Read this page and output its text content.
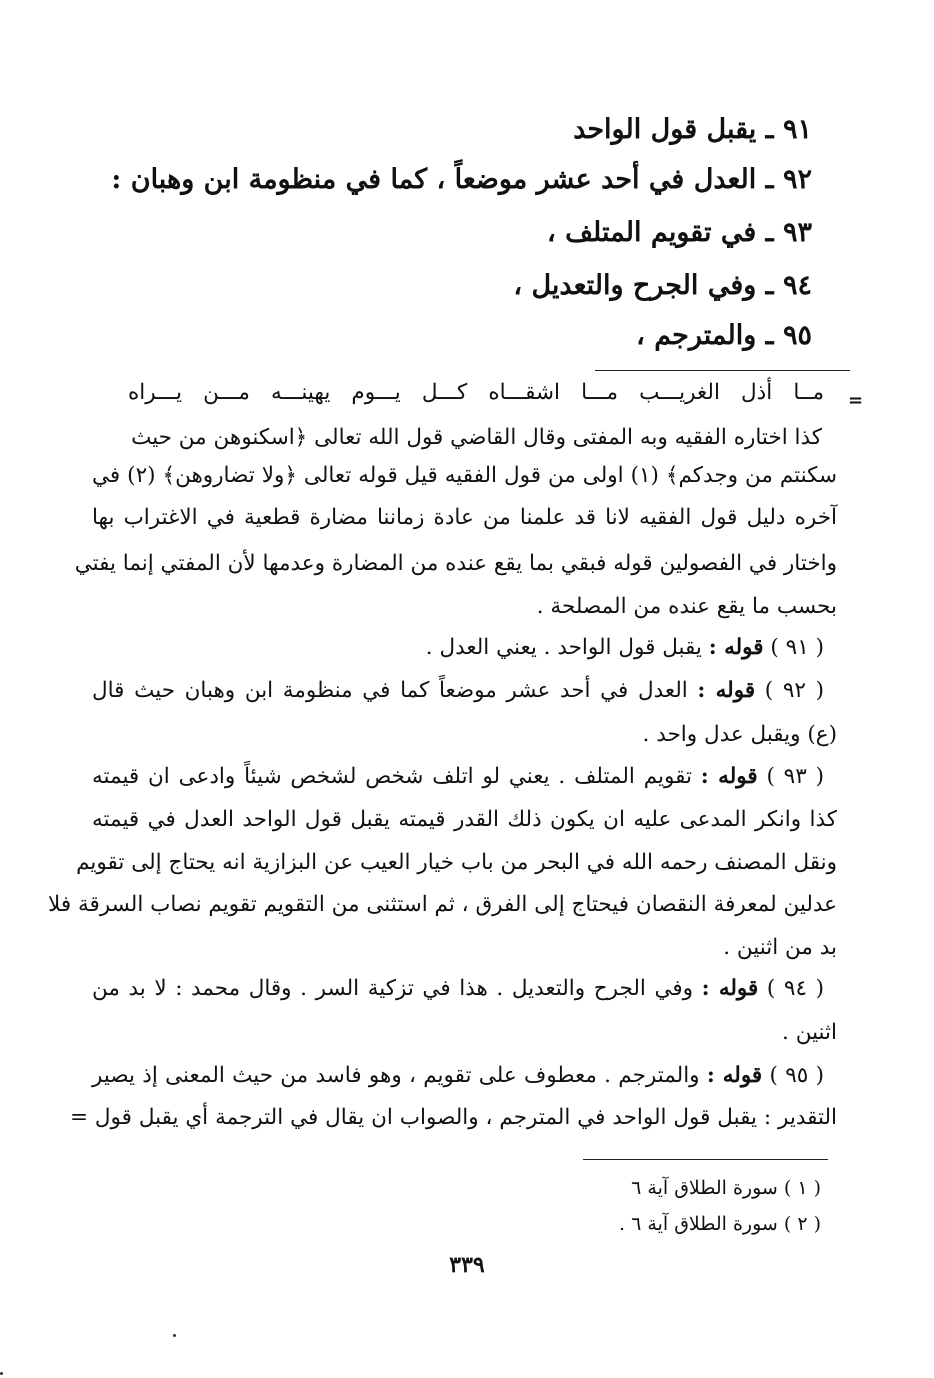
٩١ ـ يقبل قول الواحد
٩٢ ـ العدل في أحد عشر موضعاً ، كما في منظومة ابن وهبان :
٩٣ ـ في تقويم المتلف ،
٩٤ ـ وفي الجرح والتعديل ،
٩٥ ـ والمترجم ،
=
مــا أذل الغريـــب مـــا اشقـــاه كـــل يـــوم يهينـــه مـــن يـــراه
كذا اختاره الفقيه وبه المفتى وقال القاضي قول الله تعالى ﴿اسكنوهن من حيث
سكنتم من وجدكم﴾ (١) اولى من قول الفقيه قيل قوله تعالى ﴿ولا تضاروهن﴾ (٢) في
آخره دليل قول الفقيه لانا قد علمنا من عادة زماننا مضارة قطعية في الاغتراب بها
واختار في الفصولين قوله فبقي بما يقع عنده من المضارة وعدمها لأن المفتي إنما يفتي
بحسب ما يقع عنده من المصلحة .
( ٩١ ) قوله : يقبل قول الواحد . يعني العدل .
( ٩٢ ) قوله : العدل في أحد عشر موضعاً كما في منظومة ابن وهبان حيث قال
(ع) ويقبل عدل واحد .
( ٩٣ ) قوله : تقويم المتلف . يعني لو اتلف شخص لشخص شيئاً وادعى ان قيمته
كذا وانكر المدعى عليه ان يكون ذلك القدر قيمته يقبل قول الواحد العدل في قيمته
ونقل المصنف رحمه الله في البحر من باب خيار العيب عن البزازية انه يحتاج إلى تقويم
عدلين لمعرفة النقصان فيحتاج إلى الفرق ، ثم استثنى من التقويم تقويم نصاب السرقة فلا
بد من اثنين .
( ٩٤ ) قوله : وفي الجرح والتعديل . هذا في تزكية السر . وقال محمد : لا بد من
اثنين .
( ٩٥ ) قوله : والمترجم . معطوف على تقويم ، وهو فاسد من حيث المعنى إذ يصير
التقدير : يقبل قول الواحد في المترجم ، والصواب ان يقال في الترجمة أي يقبل قول =
( ١ ) سورة الطلاق آية ٦
( ٢ ) سورة الطلاق آية ٦ .
٣٣٩
